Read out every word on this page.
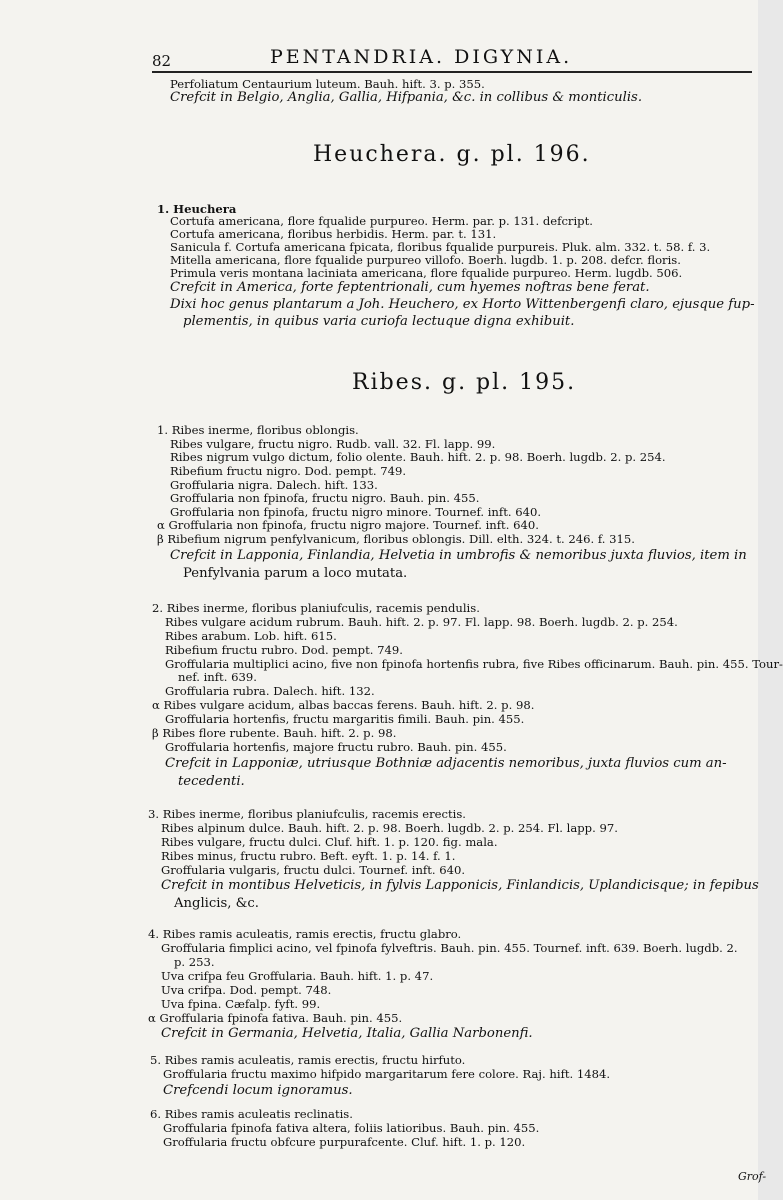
82	PENTANDRIA. DIGYNIA.
Perfoliatum Centaurium luteum. Bauh. hift. 3. p. 355.
Crefcit in Belgio, Anglia, Gallia, Hifpania, &c. in collibus & monticulis.
Heuchera. g. pl. 196.
1. Heuchera
Cortufa americana, flore fqualide purpureo. Herm. par. p. 131. defcript.
Cortufa americana, floribus herbidis. Herm. par. t. 131.
Sanicula f. Cortufa americana fpicata, floribus fqualide purpureis. Pluk. alm. 332. t. 58. f. 3.
Mitella americana, flore fqualide purpureo villofo. Boerh. lugdb. 1. p. 208. defcr. floris.
Primula veris montana laciniata americana, flore fqualide purpureo. Herm. lugdb. 506.
Crefcit in America, forte feptentrionali, cum hyemes noftras bene ferat.
Dixi hoc genus plantarum a Joh. Heuchero, ex Horto Wittenbergenfi claro, ejusque fup-
plementis, in quibus varia curiofa lectuque digna exhibuit.
Ribes. g. pl. 195.
1. Ribes inerme, floribus oblongis.
Ribes vulgare, fructu nigro. Rudb. vall. 32. Fl. lapp. 99.
Ribes nigrum vulgo dictum, folio olente. Bauh. hift. 2. p. 98. Boerh. lugdb. 2. p. 254.
Ribefium fructu nigro. Dod. pempt. 749.
Groffularia nigra. Dalech. hift. 133.
Groffularia non fpinofa, fructu nigro. Bauh. pin. 455.
Groffularia non fpinofa, fructu nigro minore. Tournef. inft. 640.
α Groffularia non fpinofa, fructu nigro majore. Tournef. inft. 640.
β Ribefium nigrum penfylvanicum, floribus oblongis. Dill. elth. 324. t. 246. f. 315.
Crefcit in Lapponia, Finlandia, Helvetia in umbrofis & nemoribus juxta fluvios, item in
Penfylvania parum a loco mutata.
2. Ribes inerme, floribus planiufculis, racemis pendulis.
Ribes vulgare acidum rubrum. Bauh. hift. 2. p. 97. Fl. lapp. 98. Boerh. lugdb. 2. p. 254.
Ribes arabum. Lob. hift. 615.
Ribefium fructu rubro. Dod. pempt. 749.
Groffularia multiplici acino, five non fpinofa hortenfis rubra, five Ribes officinarum. Bauh. pin. 455. Tour-
nef. inft. 639.
Groffularia rubra. Dalech. hift. 132.
α Ribes vulgare acidum, albas baccas ferens. Bauh. hift. 2. p. 98.
Groffularia hortenfis, fructu margaritis fimili. Bauh. pin. 455.
β Ribes flore rubente. Bauh. hift. 2. p. 98.
Groffularia hortenfis, majore fructu rubro. Bauh. pin. 455.
Crefcit in Lapponiæ, utriusque Bothniæ adjacentis nemoribus, juxta fluvios cum an-
tecedenti.
3. Ribes inerme, floribus planiufculis, racemis erectis.
Ribes alpinum dulce. Bauh. hift. 2. p. 98. Boerh. lugdb. 2. p. 254. Fl. lapp. 97.
Ribes vulgare, fructu dulci. Cluf. hift. 1. p. 120. fig. mala.
Ribes minus, fructu rubro. Beft. eyft. 1. p. 14. f. 1.
Groffularia vulgaris, fructu dulci. Tournef. inft. 640.
Crefcit in montibus Helveticis, in fylvis Lapponicis, Finlandicis, Uplandicisque; in fepibus
Anglicis, &c.
4. Ribes ramis aculeatis, ramis erectis, fructu glabro.
Groffularia fimplici acino, vel fpinofa fylveftris. Bauh. pin. 455. Tournef. inft. 639. Boerh. lugdb. 2.
p. 253.
Uva crifpa feu Groffularia. Bauh. hift. 1. p. 47.
Uva crifpa. Dod. pempt. 748.
Uva fpina. Cæfalp. fyft. 99.
α Groffularia fpinofa fativa. Bauh. pin. 455.
Crefcit in Germania, Helvetia, Italia, Gallia Narbonenfi.
5. Ribes ramis aculeatis, ramis erectis, fructu hirfuto.
Groffularia fructu maximo hifpido margaritarum fere colore. Raj. hift. 1484.
Crefcendi locum ignoramus.
6. Ribes ramis aculeatis reclinatis.
Groffularia fpinofa fativa altera, foliis latioribus. Bauh. pin. 455.
Groffularia fructu obfcure purpurafcente. Cluf. hift. 1. p. 120.
Grof-
